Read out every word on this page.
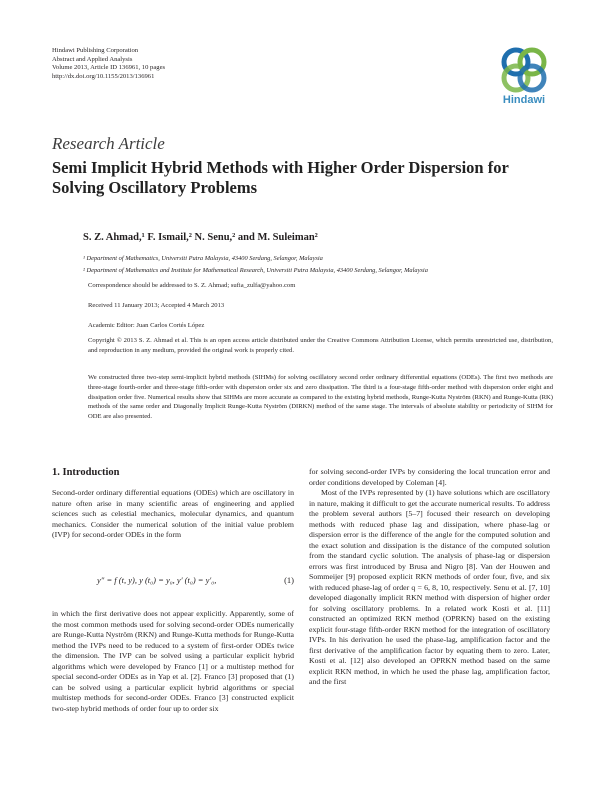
Hindawi Publishing Corporation
Abstract and Applied Analysis
Volume 2013, Article ID 136961, 10 pages
http://dx.doi.org/10.1155/2013/136961
Hindawi
Research Article
Semi Implicit Hybrid Methods with Higher Order Dispersion for Solving Oscillatory Problems
S. Z. Ahmad,¹ F. Ismail,² N. Senu,² and M. Suleiman²
¹ Department of Mathematics, Universiti Putra Malaysia, 43400 Serdang, Selangor, Malaysia
² Department of Mathematics and Institute for Mathematical Research, Universiti Putra Malaysia, 43400 Serdang, Selangor, Malaysia
Correspondence should be addressed to S. Z. Ahmad; sufia_zulfa@yahoo.com
Received 11 January 2013; Accepted 4 March 2013
Academic Editor: Juan Carlos Cortés López
Copyright © 2013 S. Z. Ahmad et al. This is an open access article distributed under the Creative Commons Attribution License, which permits unrestricted use, distribution, and reproduction in any medium, provided the original work is properly cited.
We constructed three two-step semi-implicit hybrid methods (SIHMs) for solving oscillatory second order ordinary differential equations (ODEs). The first two methods are three-stage fourth-order and three-stage fifth-order with dispersion order six and zero dissipation. The third is a four-stage fifth-order method with dispersion order eight and dissipation order five. Numerical results show that SIHMs are more accurate as compared to the existing hybrid methods, Runge-Kutta Nyström (RKN) and Runge-Kutta (RK) methods of the same order and Diagonally Implicit Runge-Kutta Nyström (DIRKN) method of the same stage. The intervals of absolute stability or periodicity of SIHM for ODE are also presented.
1. Introduction
Second-order ordinary differential equations (ODEs) which are oscillatory in nature often arise in many scientific areas of engineering and applied sciences such as celestial mechanics, molecular dynamics, and quantum mechanics. Consider the numerical solution of the initial value problem (IVP) for second-order ODEs in the form
y″ = f (t, y), y (t₀) = y₀, y′ (t₀) = y′₀,	(1)
in which the first derivative does not appear explicitly. Apparently, some of the most common methods used for solving second-order ODEs numerically are Runge-Kutta Nyström (RKN) and Runge-Kutta methods for Runge-Kutta method the IVPs need to be reduced to a system of first-order ODEs twice the dimension. The IVP can be solved using a particular explicit hybrid algorithms which were developed by Franco [1] or a multistep method for special second-order ODEs as in Yap et al. [2]. Franco [3] proposed that (1) can be solved using a particular explicit hybrid algorithms or special multistep methods for second-order ODEs. Franco [3] constructed explicit two-step hybrid methods of order four up to order six
for solving second-order IVPs by considering the local truncation error and order conditions developed by Coleman [4].
Most of the IVPs represented by (1) have solutions which are oscillatory in nature, making it difficult to get the accurate numerical results. To address the problem several authors [5–7] focused their research on developing methods with reduced phase lag and dissipation, where phase-lag or dispersion error is the difference of the angle for the computed solution and the exact solution and dissipation is the distance of the computed solution from the standard cyclic solution. The analysis of phase-lag or dispersion errors was first introduced by Brusa and Nigro [8]. Van der Houwen and Sommeijer [9] proposed explicit RKN methods of order four, five, and six with reduced phase-lag of order q = 6, 8, 10, respectively. Senu et al. [7, 10] developed diagonally implicit RKN method with dispersion of higher order for solving oscillatory problems. In a related work Kosti et al. [11] constructed an optimized RKN method (OPRKN) based on the existing explicit four-stage fifth-order RKN method for the integration of oscillatory IVPs. In his derivation he used the phase-lag, amplification factor and the first derivative of the amplification factor by equating them to zero. Later, Kosti et al. [12] also developed an OPRKN method based on the same explicit RKN method, in which he used the phase lag, amplification factor, and the first
